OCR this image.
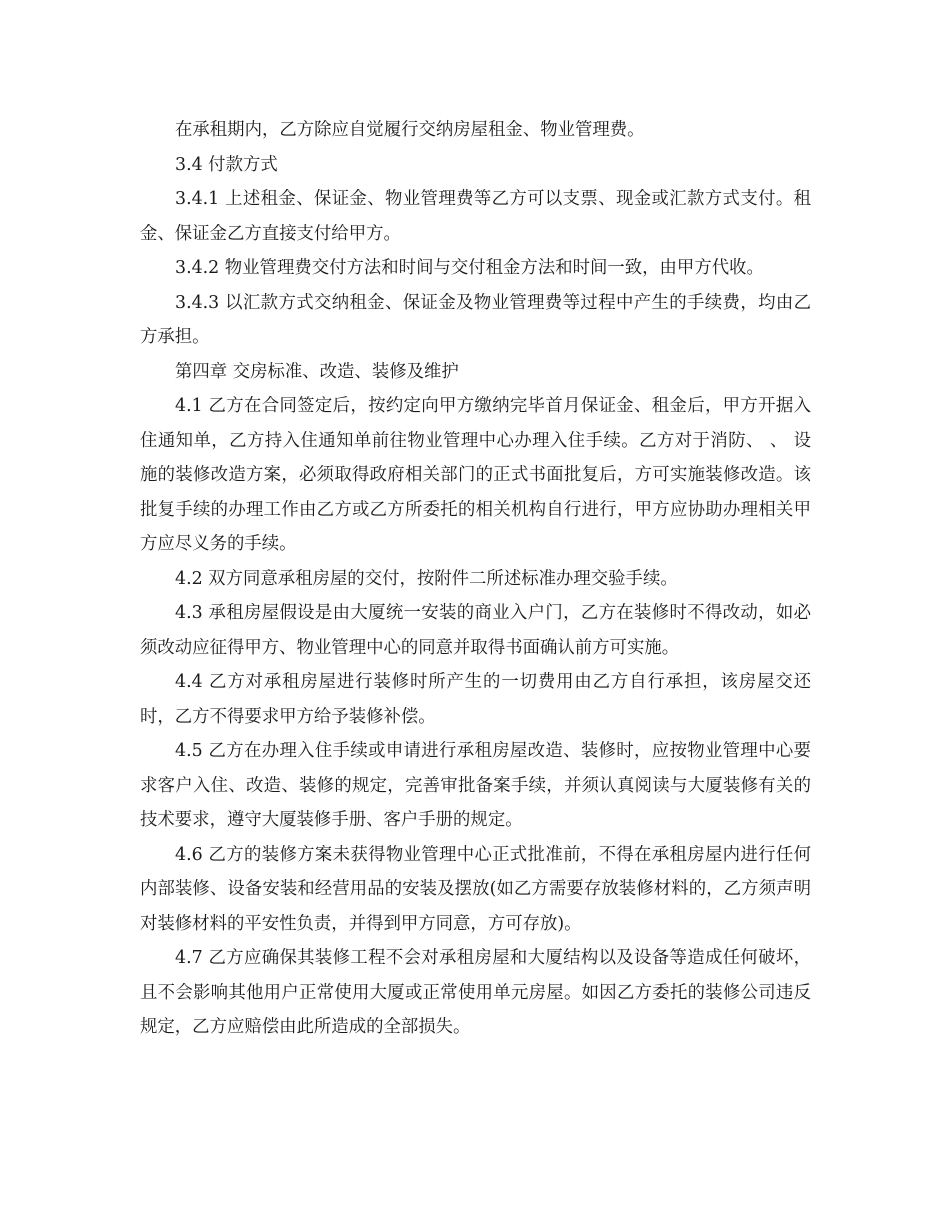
在承租期内，乙方除应自觉履行交纳房屋租金、物业管理费。

3.4 付款方式

3.4.1 上述租金、保证金、物业管理费等乙方可以支票、现金或汇款方式支付。租金、保证金乙方直接支付给甲方。

3.4.2 物业管理费交付方法和时间与交付租金方法和时间一致，由甲方代收。

3.4.3 以汇款方式交纳租金、保证金及物业管理费等过程中产生的手续费，均由乙方承担。

第四章 交房标准、改造、装修及维护

4.1 乙方在合同签定后，按约定向甲方缴纳完毕首月保证金、租金后，甲方开据入住通知单，乙方持入住通知单前往物业管理中心办理入住手续。乙方对于消防、 、 设施的装修改造方案，必须取得政府相关部门的正式书面批复后，方可实施装修改造。该批复手续的办理工作由乙方或乙方所委托的相关机构自行进行，甲方应协助办理相关甲方应尽义务的手续。

4.2 双方同意承租房屋的交付，按附件二所述标准办理交验手续。

4.3 承租房屋假设是由大厦统一安装的商业入户门，乙方在装修时不得改动，如必须改动应征得甲方、物业管理中心的同意并取得书面确认前方可实施。

4.4 乙方对承租房屋进行装修时所产生的一切费用由乙方自行承担，该房屋交还时，乙方不得要求甲方给予装修补偿。

4.5 乙方在办理入住手续或申请进行承租房屋改造、装修时，应按物业管理中心要求客户入住、改造、装修的规定，完善审批备案手续，并须认真阅读与大厦装修有关的技术要求，遵守大厦装修手册、客户手册的规定。

4.6 乙方的装修方案未获得物业管理中心正式批准前，不得在承租房屋内进行任何内部装修、设备安装和经营用品的安装及摆放(如乙方需要存放装修材料的，乙方须声明对装修材料的平安性负责，并得到甲方同意，方可存放)。

4.7 乙方应确保其装修工程不会对承租房屋和大厦结构以及设备等造成任何破坏，且不会影响其他用户正常使用大厦或正常使用单元房屋。如因乙方委托的装修公司违反规定，乙方应赔偿由此所造成的全部损失。
